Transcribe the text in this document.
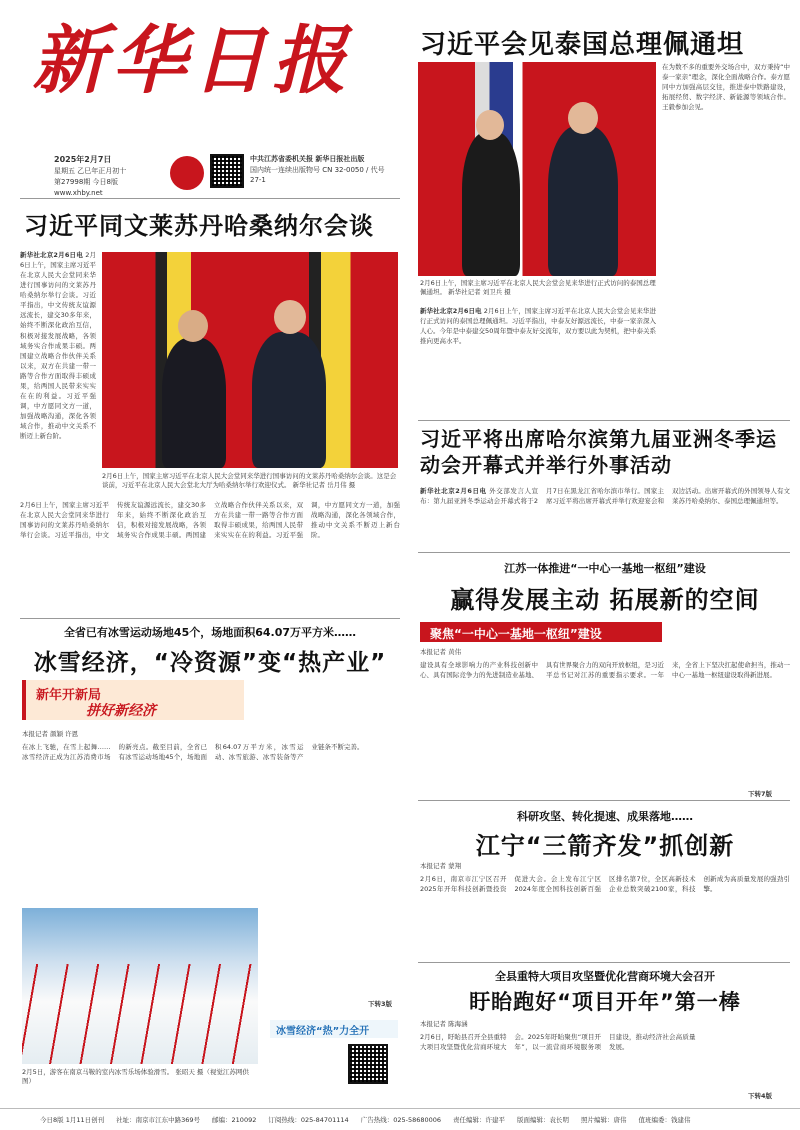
新华日报
2025年2月7日
星期五 乙巳年正月初十
第27998期 今日8版
中共江苏省委机关报 新华日报社出版
国内统一连续出版物号 CN 32-0050 / 代号 27-1
www.xhby.net
习近平会见泰国总理佩通坦
2月6日上午，国家主席习近平在北京人民大会堂会见来华进行正式访问的泰国总理佩通坦。 新华社记者 刘卫兵 摄
在为数不多的重要外交场合中，双方秉持“中泰一家亲”理念，深化全面战略合作。泰方愿同中方加强高层交往，推进泰中铁路建设，拓展经贸、数字经济、新能源等领域合作。王毅参加会见。
新华社北京2月6日电 2月6日上午，国家主席习近平在北京人民大会堂会见来华进行正式访问的泰国总理佩通坦。习近平指出，中泰友好源远流长，中泰一家亲深入人心。今年是中泰建交50周年暨中泰友好交流年，双方要以此为契机，把中泰关系推向更高水平。
习近平同文莱苏丹哈桑纳尔会谈
新华社北京2月6日电 2月6日上午，国家主席习近平在北京人民大会堂同来华进行国事访问的文莱苏丹哈桑纳尔举行会谈。习近平指出，中文传统友谊源远流长，建交30多年来，始终不断深化政治互信，积极对接发展战略，各领域务实合作成果丰硕。两国建立战略合作伙伴关系以来，双方在共建一带一路等合作方面取得丰硕成果，给两国人民带来实实在在的利益。习近平强调，中方愿同文方一道，加强战略沟通，深化各领域合作，推动中文关系不断迈上新台阶。
2月6日上午，国家主席习近平在北京人民大会堂同来华进行国事访问的文莱苏丹哈桑纳尔会谈。这是会谈前，习近平在北京人民大会堂北大厅为哈桑纳尔举行欢迎仪式。 新华社记者 岳月伟 摄
2月6日上午，国家主席习近平在北京人民大会堂同来华进行国事访问的文莱苏丹哈桑纳尔举行会谈。习近平指出，中文传统友谊源远流长，建交30多年来，始终不断深化政治互信，积极对接发展战略，各领域务实合作成果丰硕。两国建立战略合作伙伴关系以来，双方在共建一带一路等合作方面取得丰硕成果，给两国人民带来实实在在的利益。习近平强调，中方愿同文方一道，加强战略沟通，深化各领域合作，推动中文关系不断迈上新台阶。
习近平将出席哈尔滨第九届亚洲冬季运动会开幕式并举行外事活动
新华社北京2月6日电 外交部发言人宣布：第九届亚洲冬季运动会开幕式将于2月7日在黑龙江省哈尔滨市举行。国家主席习近平将出席开幕式并举行欢迎宴会和双边活动。出席开幕式的外国领导人有文莱苏丹哈桑纳尔、泰国总理佩通坦等。
江苏一体推进“一中心一基地一枢纽”建设
赢得发展主动 拓展新的空间
聚焦“一中心一基地一枢纽”建设
本报记者 黄伟
建设具有全球影响力的产业科技创新中心、具有国际竞争力的先进制造业基地、具有世界聚合力的双向开放枢纽，是习近平总书记对江苏的重要指示要求。一年来，全省上下坚决扛起使命担当，推动一中心一基地一枢纽建设取得新进展。
下转7版
全省已有冰雪运动场地45个，场地面积64.07万平方米……
冰雪经济，“冷资源”变“热产业”
新年开新局
拼好新经济
本报记者 颜颖 许恩
在冰上飞驰，在雪上起舞……冰雪经济正成为江苏消费市场的新亮点。截至目前，全省已有冰雪运动场地45个，场地面积64.07万平方米，冰雪运动、冰雪旅游、冰雪装备等产业链条不断完善。
2月5日，游客在南京马鞍的室内冰雪乐场体验滑雪。 张昭天 摄（视觉江苏网供图）
冰雪经济“热”力全开
下转3版
科研攻坚、转化提速、成果落地……
江宁“三箭齐发”抓创新
本报记者 蒙翔
2月6日，南京市江宁区召开2025年开年科技创新暨投资促进大会。会上发布江宁区2024年度全国科技创新百强区排名第7位，全区高新技术企业总数突破2100家，科技创新成为高质量发展的强劲引擎。
全县重特大项目攻坚暨优化营商环境大会召开
盱眙跑好“项目开年”第一棒
本报记者 陈海涵
2月6日，盱眙县召开全县重特大项目攻坚暨优化营商环境大会。2025年盱眙聚焦“项目开年”，以一流营商环境服务项目建设，推动经济社会高质量发展。
下转4版
今日8版 1月11日创刊 社址：南京市江东中路369号 邮编：210092 订阅热线：025-84701114 广告热线：025-58680006 责任编辑：许建平 版面编辑：袁长明 照片编辑：唐伟 值班编委：钱建伟
